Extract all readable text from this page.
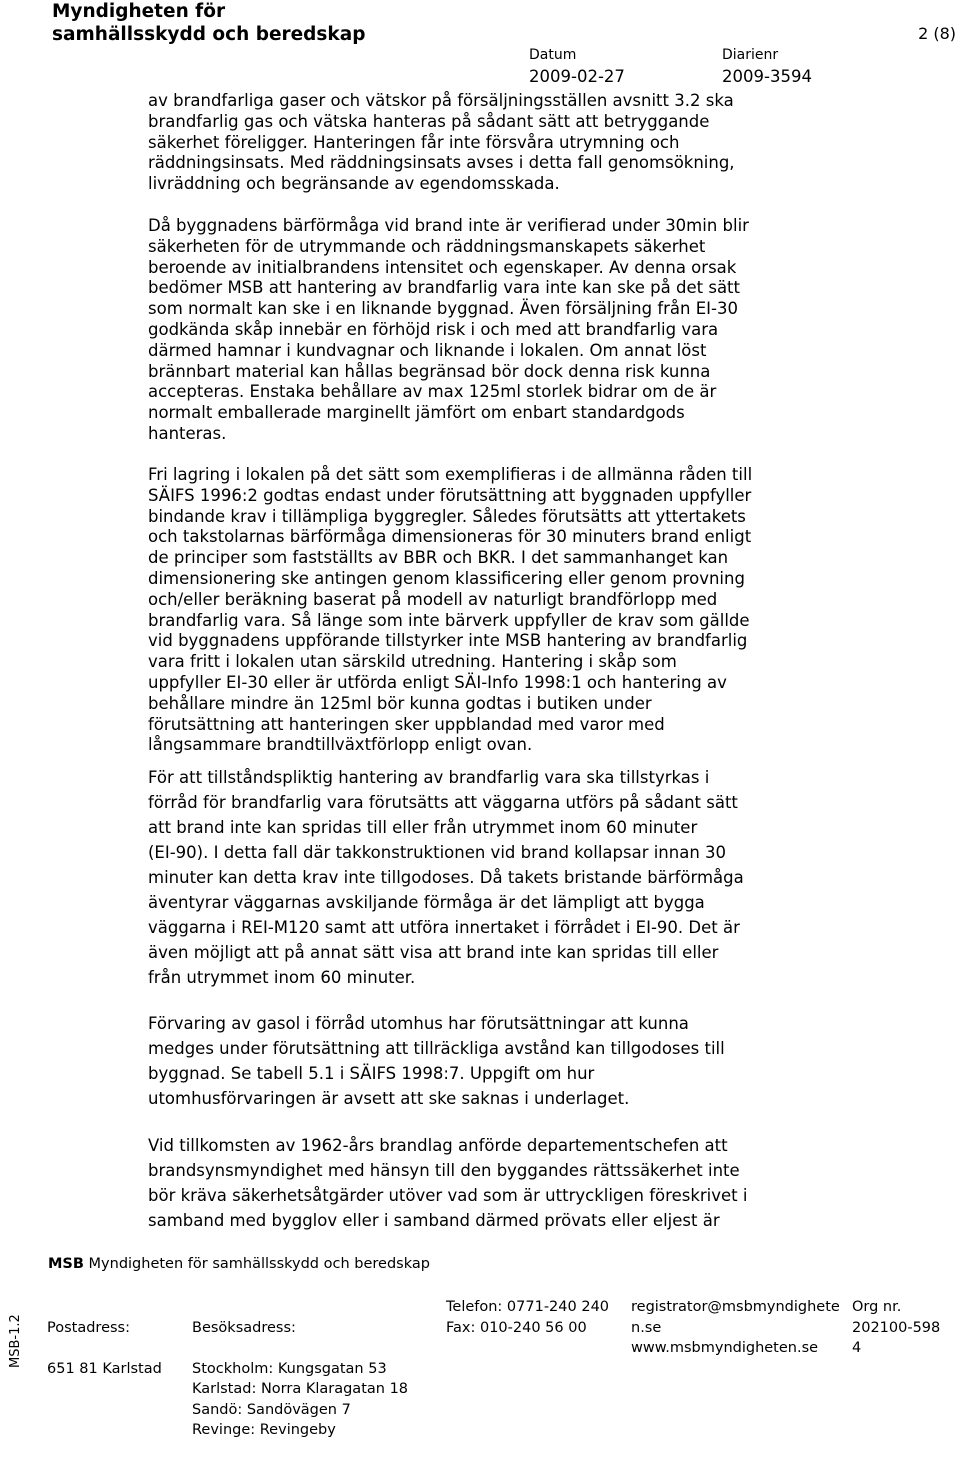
Myndigheten för
samhällsskydd och beredskap	2 (8)
Datum
2009-02-27
Diarienr
2009-3594

av brandfarliga gaser och vätskor på försäljningsställen avsnitt 3.2 ska
brandfarlig gas och vätska hanteras på sådant sätt att betryggande
säkerhet föreligger. Hanteringen får inte försvåra utrymning och
räddningsinsats. Med räddningsinsats avses i detta fall genomsökning,
livräddning och begränsande av egendomsskada.

Då byggnadens bärförmåga vid brand inte är verifierad under 30min blir
säkerheten för de utrymmande och räddningsmanskapets säkerhet
beroende av initialbrandens intensitet och egenskaper. Av denna orsak
bedömer MSB att hantering av brandfarlig vara inte kan ske på det sätt
som normalt kan ske i en liknande byggnad. Även försäljning från EI-30
godkända skåp innebär en förhöjd risk i och med att brandfarlig vara
därmed hamnar i kundvagnar och liknande i lokalen. Om annat löst
brännbart material kan hållas begränsad bör dock denna risk kunna
accepteras. Enstaka behållare av max 125ml storlek bidrar om de är
normalt emballerade marginellt jämfört om enbart standardgods
hanteras.

Fri lagring i lokalen på det sätt som exemplifieras i de allmänna råden till
SÄIFS 1996:2 godtas endast under förutsättning att byggnaden uppfyller
bindande krav i tillämpliga byggregler. Således förutsätts att yttertakets
och takstolarnas bärförmåga dimensioneras för 30 minuters brand enligt
de principer som fastställts av BBR och BKR. I det sammanhanget kan
dimensionering ske antingen genom klassificering eller genom provning
och/eller beräkning baserat på modell av naturligt brandförlopp med
brandfarlig vara. Så länge som inte bärverk uppfyller de krav som gällde
vid byggnadens uppförande tillstyrker inte MSB hantering av brandfarlig
vara fritt i lokalen utan särskild utredning. Hantering i skåp som
uppfyller EI-30 eller är utförda enligt SÄI-Info 1998:1 och hantering av
behållare mindre än 125ml bör kunna godtas i butiken under
förutsättning att hanteringen sker uppblandad med varor med
långsammare brandtillväxtförlopp enligt ovan.

För att tillståndspliktig hantering av brandfarlig vara ska tillstyrkas i
förråd för brandfarlig vara förutsätts att väggarna utförs på sådant sätt
att brand inte kan spridas till eller från utrymmet inom 60 minuter
(EI-90). I detta fall där takkonstruktionen vid brand kollapsar innan 30
minuter kan detta krav inte tillgodoses. Då takets bristande bärförmåga
äventyrar väggarnas avskiljande förmåga är det lämpligt att bygga
väggarna i REI-M120 samt att utföra innertaket i förrådet i EI-90. Det är
även möjligt att på annat sätt visa att brand inte kan spridas till eller
från utrymmet inom 60 minuter.

Förvaring av gasol i förråd utomhus har förutsättningar att kunna
medges under förutsättning att tillräckliga avstånd kan tillgodoses till
byggnad. Se tabell 5.1 i SÄIFS 1998:7. Uppgift om hur
utomhusförvaringen är avsett att ske saknas i underlaget.

Vid tillkomsten av 1962-års brandlag anförde departementschefen att
brandsynsmyndighet med hänsyn till den byggandes rättssäkerhet inte
bör kräva säkerhetsåtgärder utöver vad som är uttryckligen föreskrivet i
samband med bygglov eller i samband därmed prövats eller eljest är

MSB Myndigheten för samhällsskydd och beredskap

Postadress:

651 81 Karlstad

Besöksadress:

Stockholm: Kungsgatan 53
Karlstad: Norra Klaragatan 18
Sandö: Sandövägen 7
Revinge: Revingeby

Telefon: 0771-240 240
Fax: 010-240 56 00
registrator@msbmyndighete
n.se
www.msbmyndigheten.se
Org nr.
202100-598
4
MSB-1.2
